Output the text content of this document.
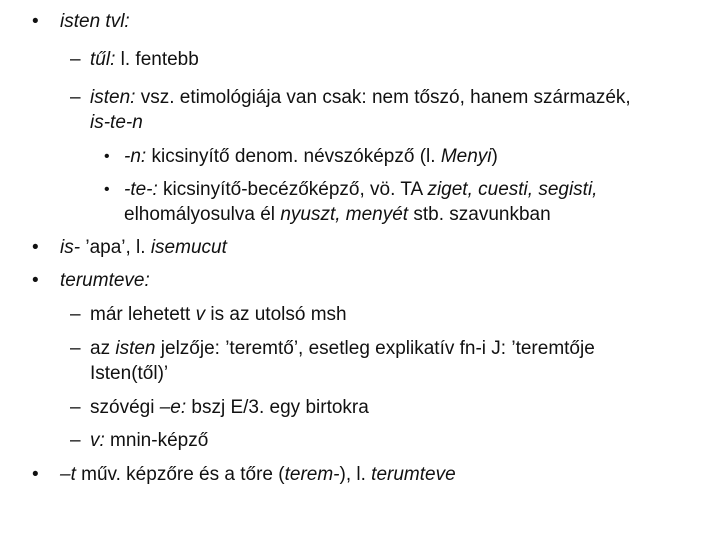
• isten tvl:
– tűl: l. fentebb
– isten: vsz. etimológiája van csak: nem tőszó, hanem származék,
is-te-n
• -n: kicsinyítő denom. névszóképző (l. Menyi)
• -te-: kicsinyítő-becézőképző, vö. TA ziget, cuesti, segisti,
elhomályosulva él nyuszt, menyét stb. szavunkban
• is- ’apa’, l. isemucut
• terumteve:
– már lehetett v is az utolsó msh
– az isten jelzője: ’teremtő’, esetleg explikatív fn-i J: ’teremtője
Isten(től)’
– szóvégi –e: bszj E/3. egy birtokra
– v: mnin-képző
• –t műv. képzőre és a tőre (terem-), l. terumteve
